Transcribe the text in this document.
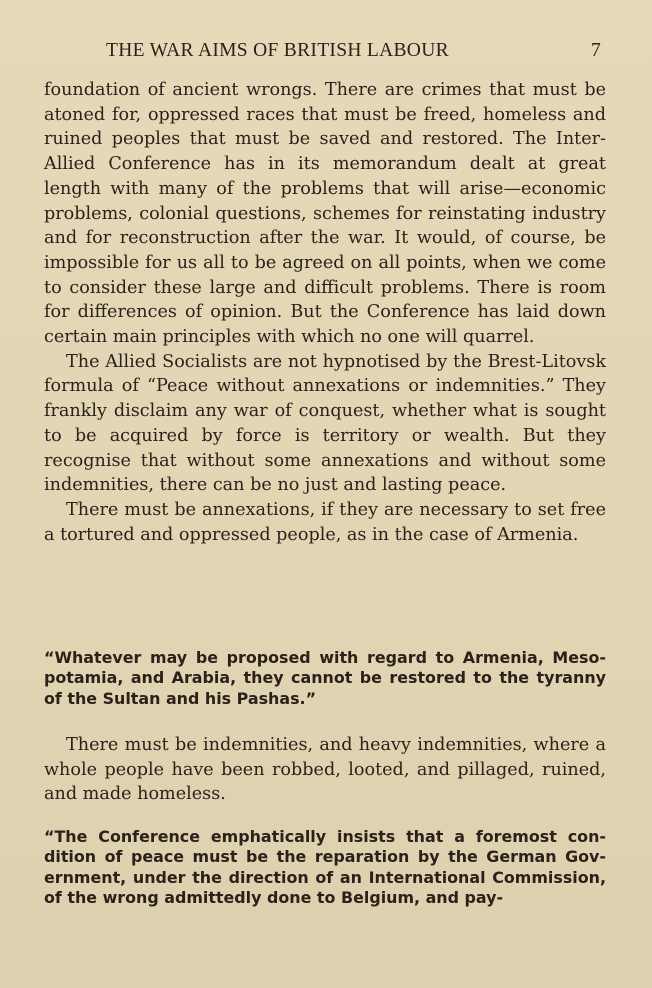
THE WAR AIMS OF BRITISH LABOUR	7

foundation of ancient wrongs. There are crimes that must be atoned for, oppressed races that must be freed, homeless and ruined peoples that must be saved and restored. The Inter-Allied Conference has in its memorandum dealt at great length with many of the problems that will arise—economic problems, colonial questions, schemes for reinstating industry and for reconstruction after the war. It would, of course, be impossible for us all to be agreed on all points, when we come to consider these large and difficult problems. There is room for differences of opinion. But the Conference has laid down certain main principles with which no one will quarrel.

The Allied Socialists are not hypnotised by the Brest-Litovsk formula of “Peace without annexations or indemnities.” They frankly disclaim any war of conquest, whether what is sought to be acquired by force is territory or wealth. But they recognise that without some annexations and without some indemnities, there can be no just and lasting peace.

There must be annexations, if they are necessary to set free a tortured and oppressed people, as in the case of Armenia.

“Whatever may be proposed with regard to Armenia, Mesopotamia, and Arabia, they cannot be restored to the tyranny of the Sultan and his Pashas.”

There must be indemnities, and heavy indemnities, where a whole people have been robbed, looted, and pillaged, ruined, and made homeless.

“The Conference emphatically insists that a foremost condition of peace must be the reparation by the German Government, under the direction of an International Commission, of the wrong admittedly done to Belgium, and pay-
